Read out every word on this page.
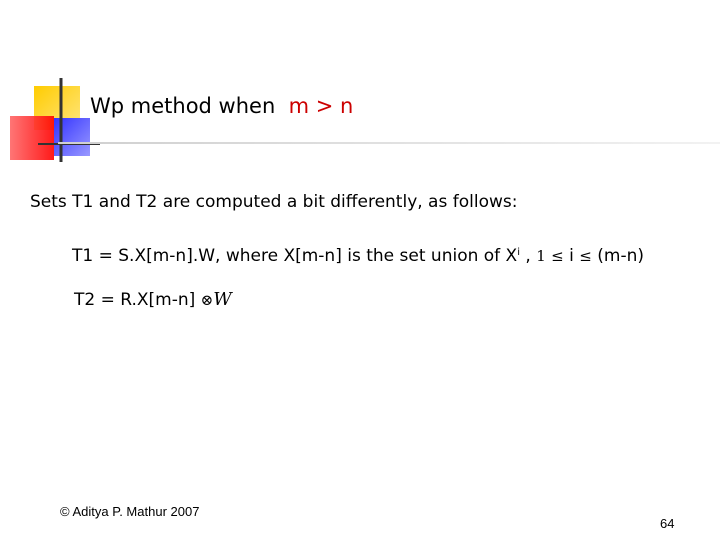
Wp method when m > n

Sets T1 and T2 are computed a bit differently, as follows:

T1 = S.X[m-n].W, where X[m-n] is the set union of $X^i$ , 1 ≤ i ≤ (m-n)

T2 = R.X[m-n] ⊗W

© Aditya P. Mathur 2007
64
